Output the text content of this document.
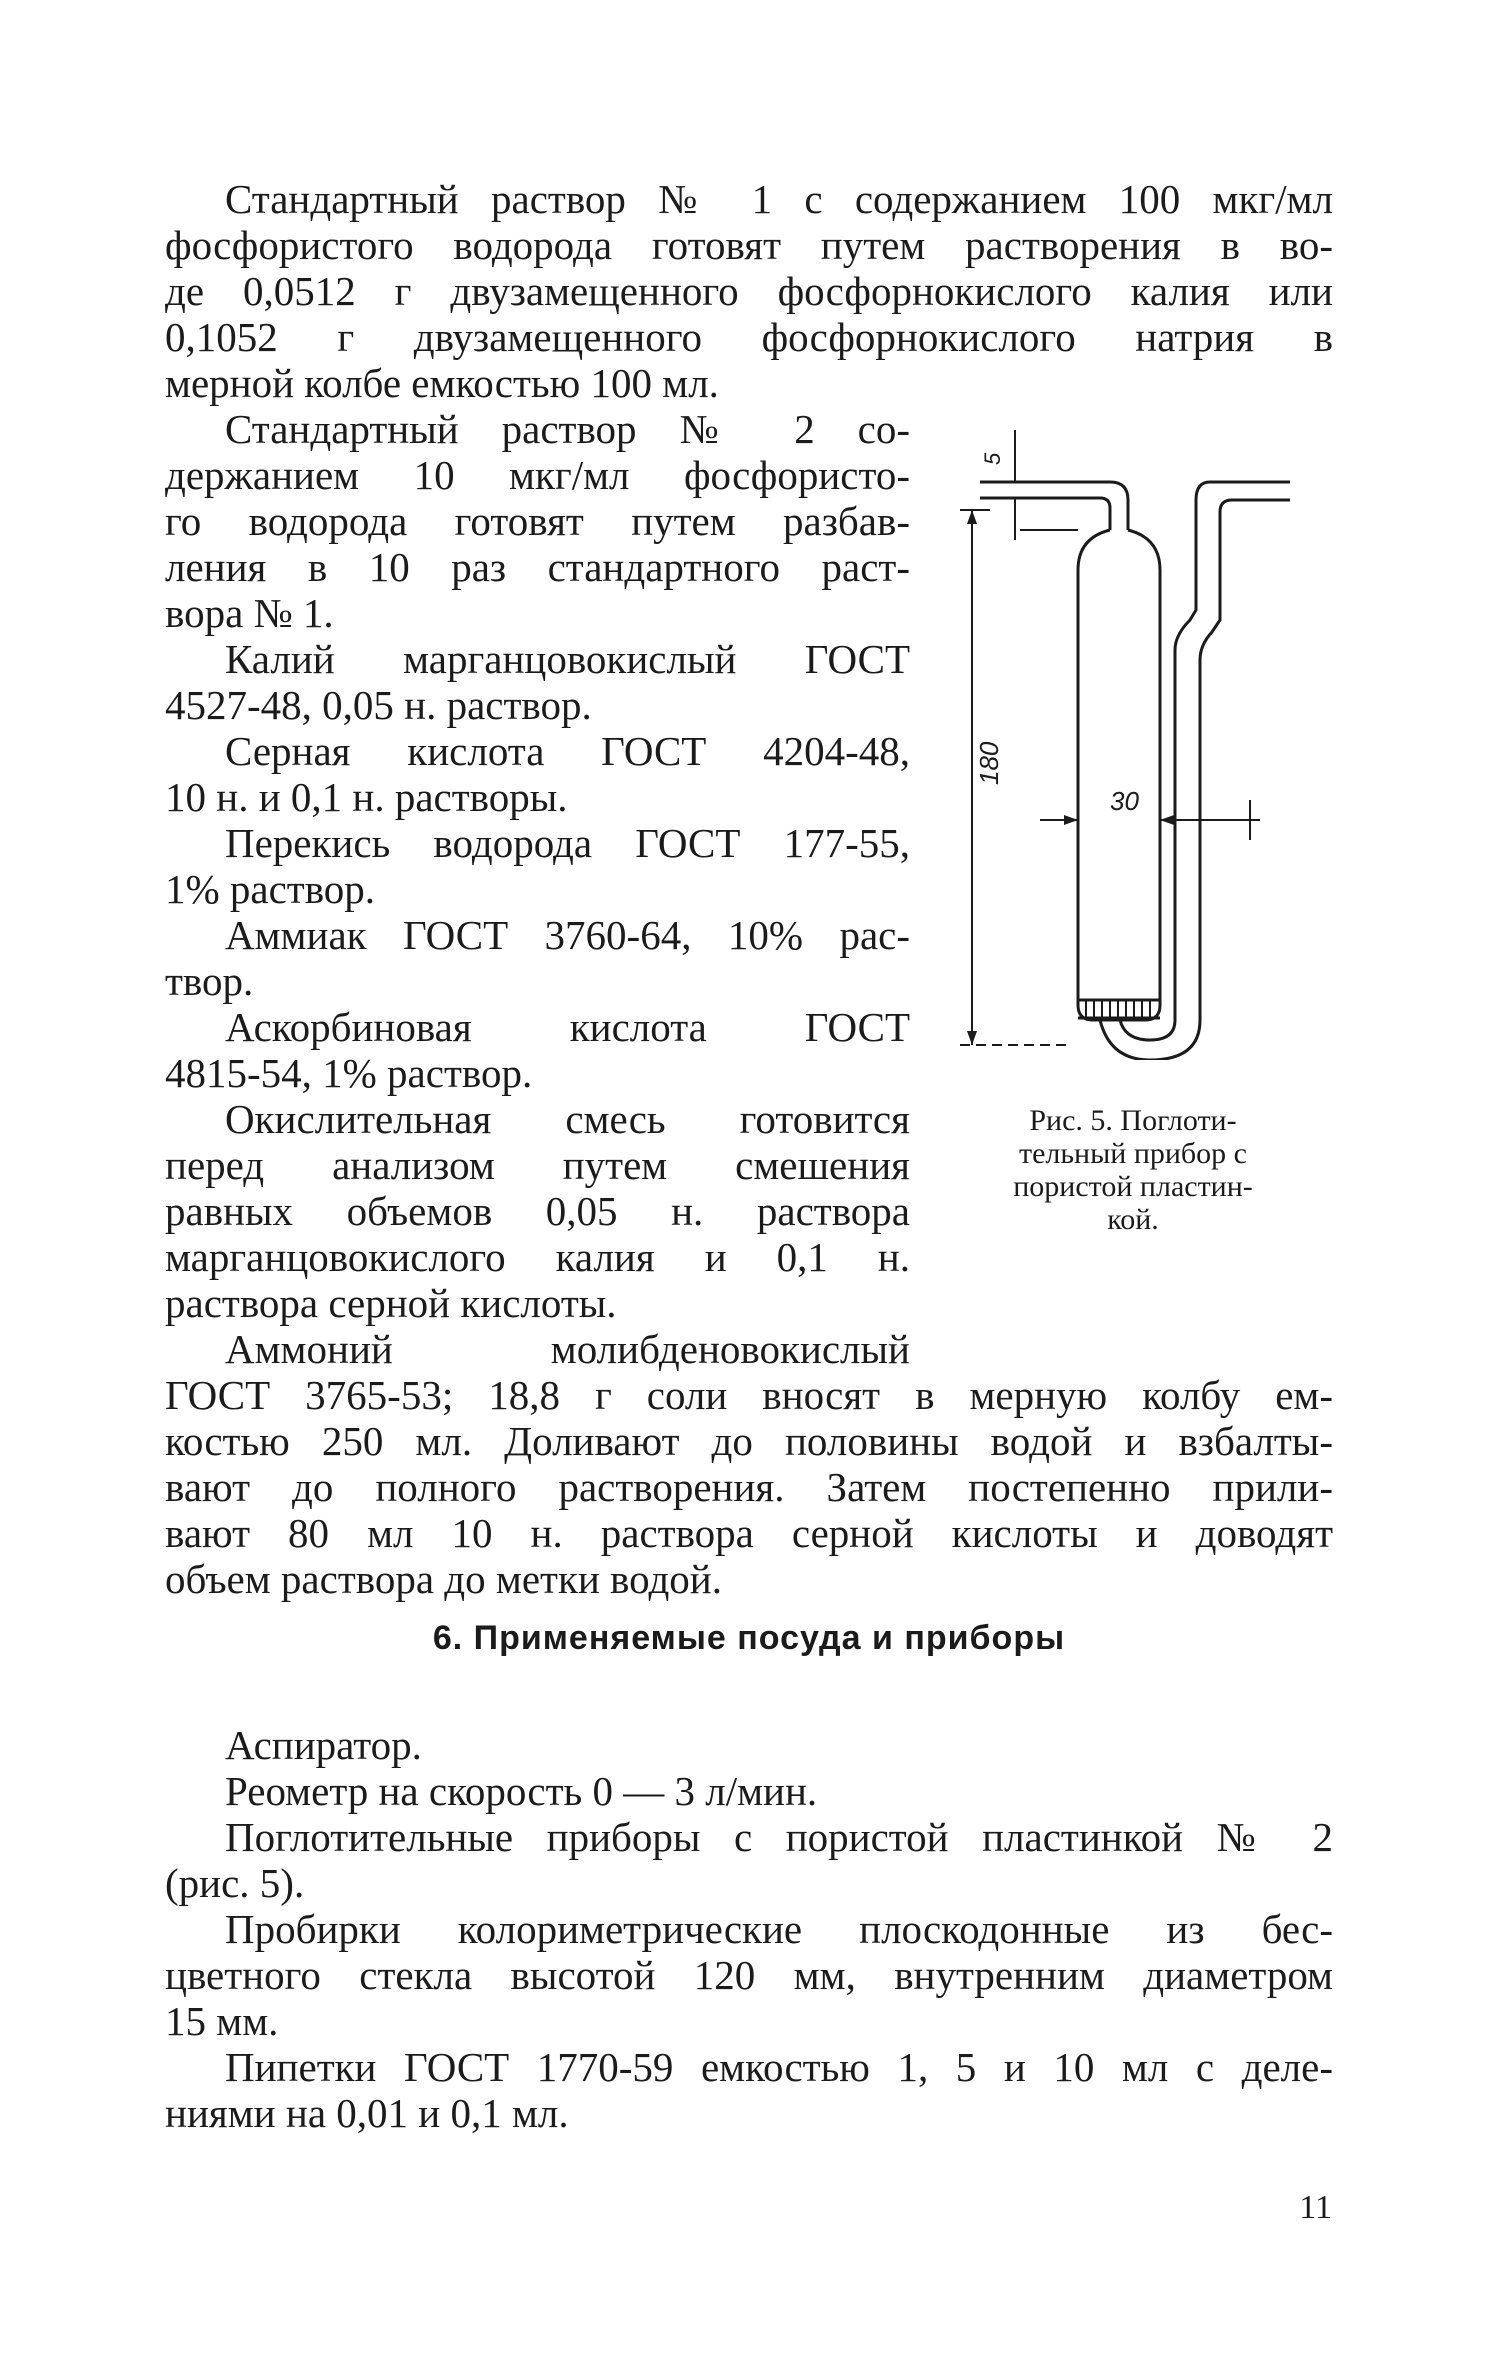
Стандартный раствор № 1 с содержанием 100 мкг/мл
фосфористого водорода готовят путем растворения в во-
де 0,0512 г двузамещенного фосфорнокислого калия или
0,1052 г двузамещенного фосфорнокислого натрия в
мерной колбе емкостью 100 мл.
Стандартный раствор № 2 со-
держанием 10 мкг/мл фосфористо-
го водорода готовят путем разбав-
ления в 10 раз стандартного раст-
вора № 1.
Калий марганцовокислый ГОСТ
4527-48, 0,05 н. раствор.
Серная кислота ГОСТ 4204-48,
10 н. и 0,1 н. растворы.
Перекись водорода ГОСТ 177-55,
1% раствор.
Аммиак ГОСТ 3760-64, 10% рас-
твор.
Аскорбиновая кислота ГОСТ
4815-54, 1% раствор.
Окислительная смесь готовится
перед анализом путем смешения
равных объемов 0,05 н. раствора
марганцовокислого калия и 0,1 н.
раствора серной кислоты.
Аммоний молибденовокислый
ГОСТ 3765-53; 18,8 г соли вносят в мерную колбу ем-
костью 250 мл. Доливают до половины водой и взбалты-
вают до полного растворения. Затем постепенно прили-
вают 80 мл 10 н. раствора серной кислоты и доводят
объем раствора до метки водой.
5
180
30
Рис. 5. Поглоти-
тельный прибор с
пористой пластин-
кой.
6. Применяемые посуда и приборы
Аспиратор.
Реометр на скорость 0 — 3 л/мин.
Поглотительные приборы с пористой пластинкой № 2
(рис. 5).
Пробирки колориметрические плоскодонные из бес-
цветного стекла высотой 120 мм, внутренним диаметром
15 мм.
Пипетки ГОСТ 1770-59 емкостью 1, 5 и 10 мл с деле-
ниями на 0,01 и 0,1 мл.
11
